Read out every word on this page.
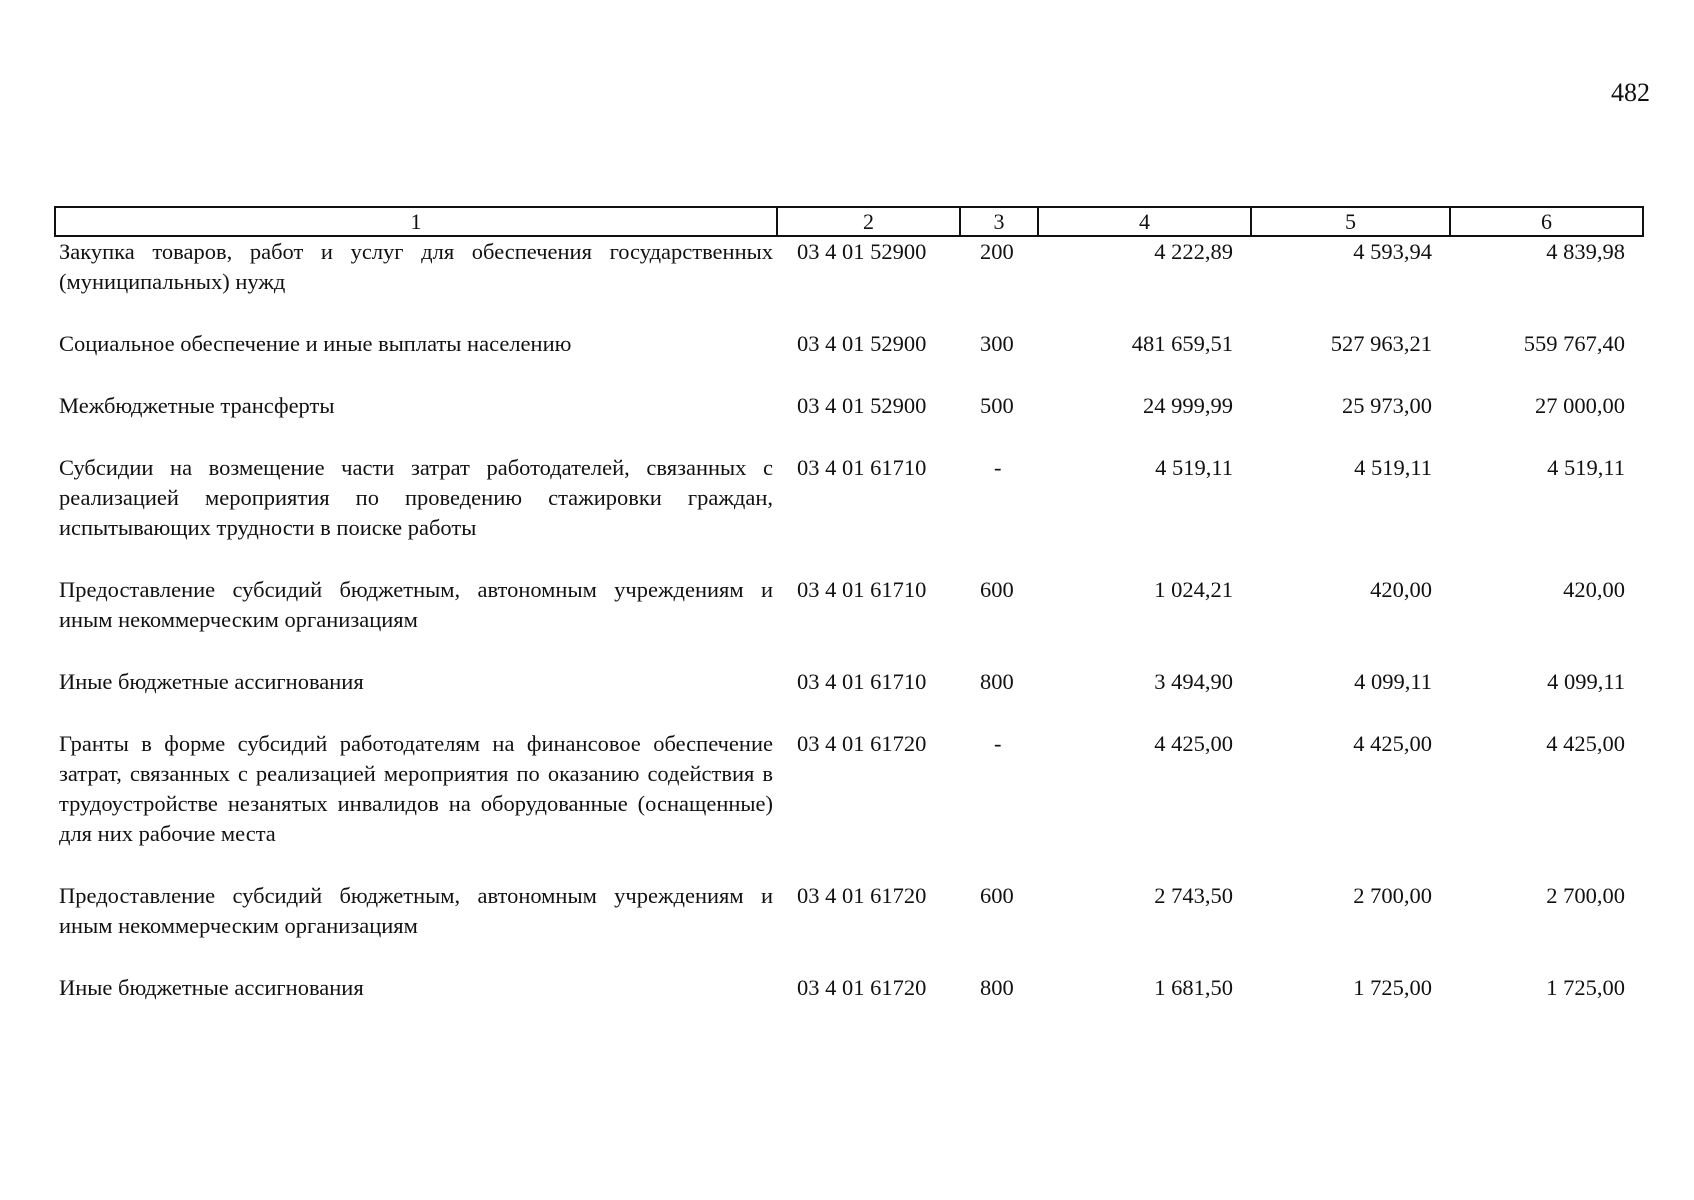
482
1	2	3	4	5	6
Закупка товаров, работ и услуг для обеспечения государственных (муниципальных) нужд	03 4 01 52900	200	4 222,89	4 593,94	4 839,98

Социальное обеспечение и иные выплаты населению	03 4 01 52900	300	481 659,51	527 963,21	559 767,40

Межбюджетные трансферты	03 4 01 52900	500	24 999,99	25 973,00	27 000,00

Субсидии на возмещение части затрат работодателей, связанных с реализацией мероприятия по проведению стажировки граждан, испытывающих трудности в поиске работы	03 4 01 61710	-	4 519,11	4 519,11	4 519,11

Предоставление субсидий бюджетным, автономным учреждениям и иным некоммерческим организациям	03 4 01 61710	600	1 024,21	420,00	420,00

Иные бюджетные ассигнования	03 4 01 61710	800	3 494,90	4 099,11	4 099,11

Гранты в форме субсидий работодателям на финансовое обеспечение затрат, связанных с реализацией мероприятия по оказанию содействия в трудоустройстве незанятых инвалидов на оборудованные (оснащенные) для них рабочие места	03 4 01 61720	-	4 425,00	4 425,00	4 425,00

Предоставление субсидий бюджетным, автономным учреждениям и иным некоммерческим организациям	03 4 01 61720	600	2 743,50	2 700,00	2 700,00

Иные бюджетные ассигнования	03 4 01 61720	800	1 681,50	1 725,00	1 725,00
